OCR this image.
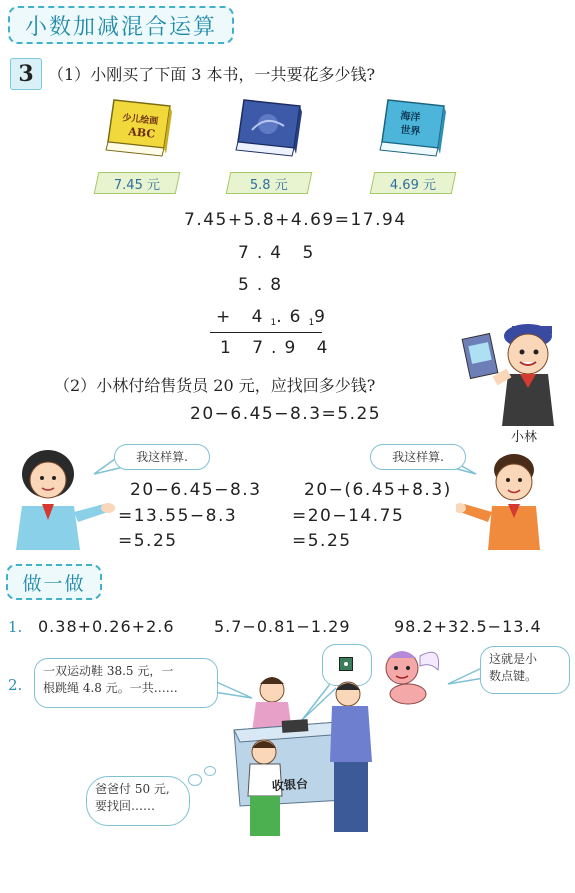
小数加减混合运算
3 （1）小刚买了下面 3 本书，一共要花多少钱?
少儿绘画
ABC
海洋
世界
7.45 元	5.8 元	4.69 元
7.45+5.8+4.69=17.94
7.4 5
5.8
+ 41.619
1 7.9 4
小林
（2）小林付给售货员 20 元，应找回多少钱?
20−6.45−8.3=5.25
我这样算.
20−6.45−8.3
=13.55−8.3
=5.25
我这样算.
20−(6.45+8.3)
=20−14.75
=5.25
做一做
1. 0.38+0.26+2.6 5.7−0.81−1.29	98.2+32.5−13.4
2.
一双运动鞋 38.5 元，一
根跳绳 4.8 元。一共……
这就是小
数点键。
收银台
爸爸付 50 元,
要找回……
